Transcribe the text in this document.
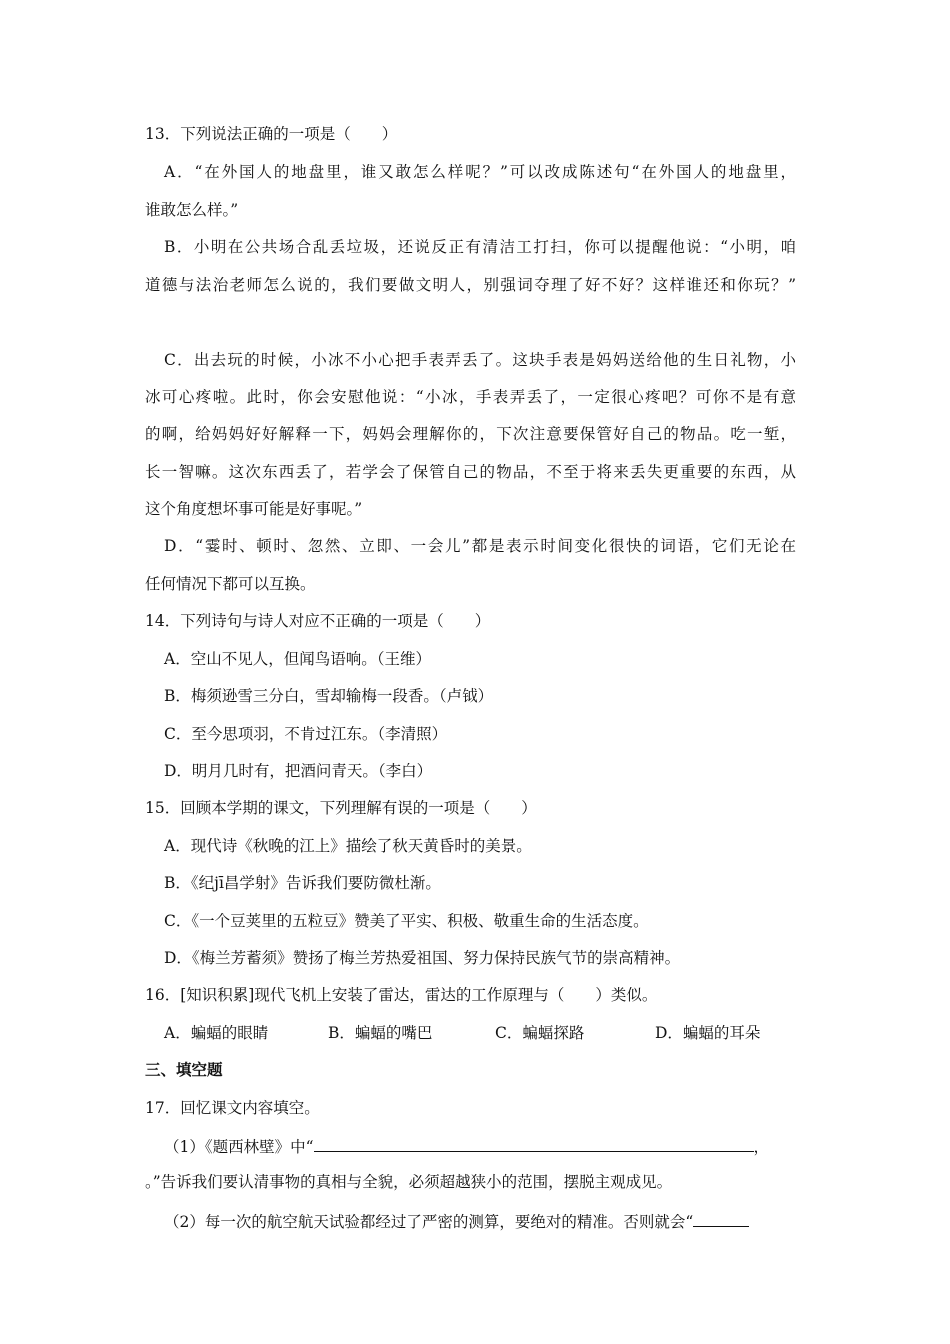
13．下列说法正确的一项是（　　）
A．“在外国人的地盘里，谁又敢怎么样呢？”可以改成陈述句“在外国人的地盘里，
谁敢怎么样。”
B．小明在公共场合乱丢垃圾，还说反正有清洁工打扫，你可以提醒他说：“小明，咱
道德与法治老师怎么说的，我们要做文明人，别强词夺理了好不好？这样谁还和你玩？”
C．出去玩的时候，小冰不小心把手表弄丢了。这块手表是妈妈送给他的生日礼物，小
冰可心疼啦。此时，你会安慰他说：“小冰，手表弄丢了，一定很心疼吧？可你不是有意
的啊，给妈妈好好解释一下，妈妈会理解你的，下次注意要保管好自己的物品。吃一堑，
长一智嘛。这次东西丢了，若学会了保管自己的物品，不至于将来丢失更重要的东西，从
这个角度想坏事可能是好事呢。”
D．“霎时、顿时、忽然、立即、一会儿”都是表示时间变化很快的词语，它们无论在
任何情况下都可以互换。
14．下列诗句与诗人对应不正确的一项是（　　）
A．空山不见人，但闻鸟语响。（王维）
B．梅须逊雪三分白，雪却输梅一段香。（卢钺）
C．至今思项羽，不肯过江东。（李清照）
D．明月几时有，把酒问青天。（李白）
15．回顾本学期的课文，下列理解有误的一项是（　　）
A．现代诗《秋晚的江上》描绘了秋天黄昏时的美景。
B．《纪jī昌学射》告诉我们要防微杜渐。
C．《一个豆荚里的五粒豆》赞美了平实、积极、敬重生命的生活态度。
D．《梅兰芳蓄须》赞扬了梅兰芳热爱祖国、努力保持民族气节的崇高精神。
16．[知识积累]现代飞机上安装了雷达，雷达的工作原理与（　　）类似。
A．蝙蝠的眼睛	B．蝙蝠的嘴巴	C．蝙蝠探路	D．蝙蝠的耳朵
三、填空题
17．回忆课文内容填空。
（1）《题西林壁》中“	，
。”告诉我们要认清事物的真相与全貌，必须超越狭小的范围，摆脱主观成见。
（2）每一次的航空航天试验都经过了严密的测算，要绝对的精准。否则就会“
